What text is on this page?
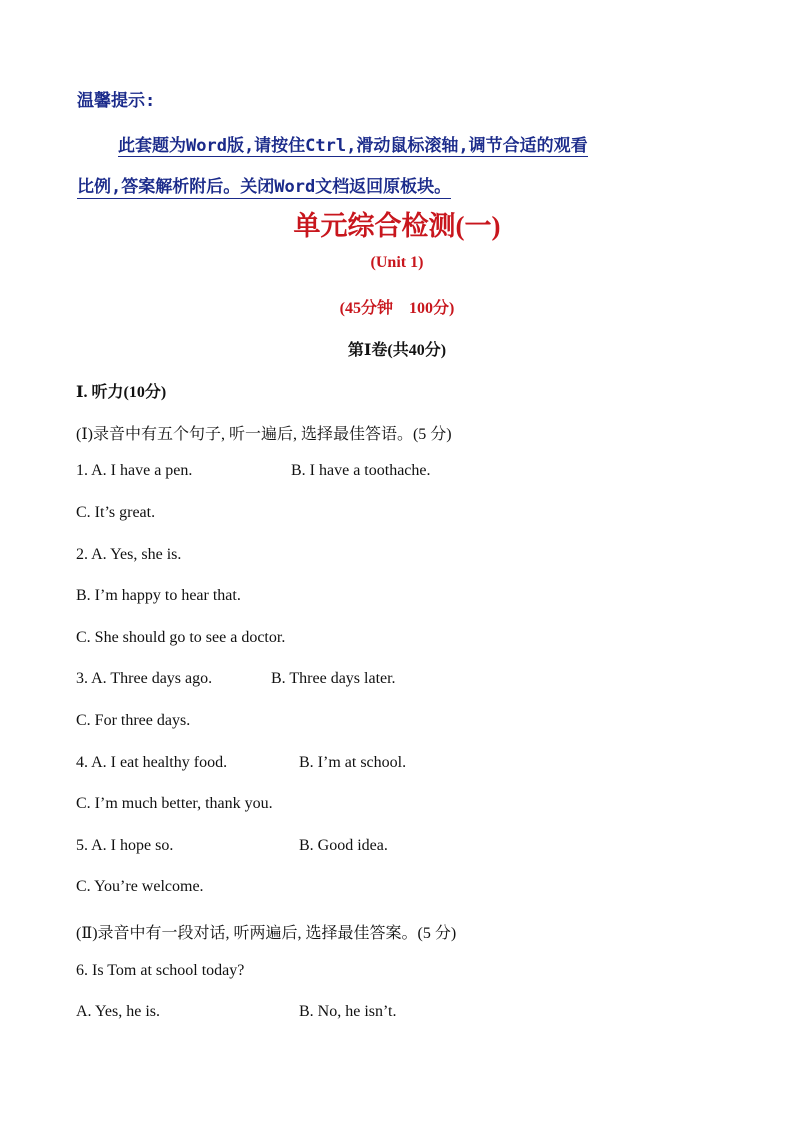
温馨提示:
此套题为Word版,请按住Ctrl,滑动鼠标滚轴,调节合适的观看
比例,答案解析附后。关闭Word文档返回原板块。
单元综合检测(一)
(Unit 1)
(45分钟　100分)
第Ⅰ卷(共40分)
Ⅰ. 听力(10分)
(Ⅰ)录音中有五个句子, 听一遍后, 选择最佳答语。(5 分)
1. A. I have a pen.	B. I have a toothache.
C. It’s great.
2. A. Yes, she is.
B. I’m happy to hear that.
C. She should go to see a doctor.
3. A. Three days ago.	B. Three days later.
C. For three days.
4. A. I eat healthy food.	B. I’m at school.
C. I’m much better, thank you.
5. A. I hope so.	B. Good idea.
C. You’re welcome.
(Ⅱ)录音中有一段对话, 听两遍后, 选择最佳答案。(5 分)
6. Is Tom at school today?
A. Yes, he is.	B. No, he isn’t.
